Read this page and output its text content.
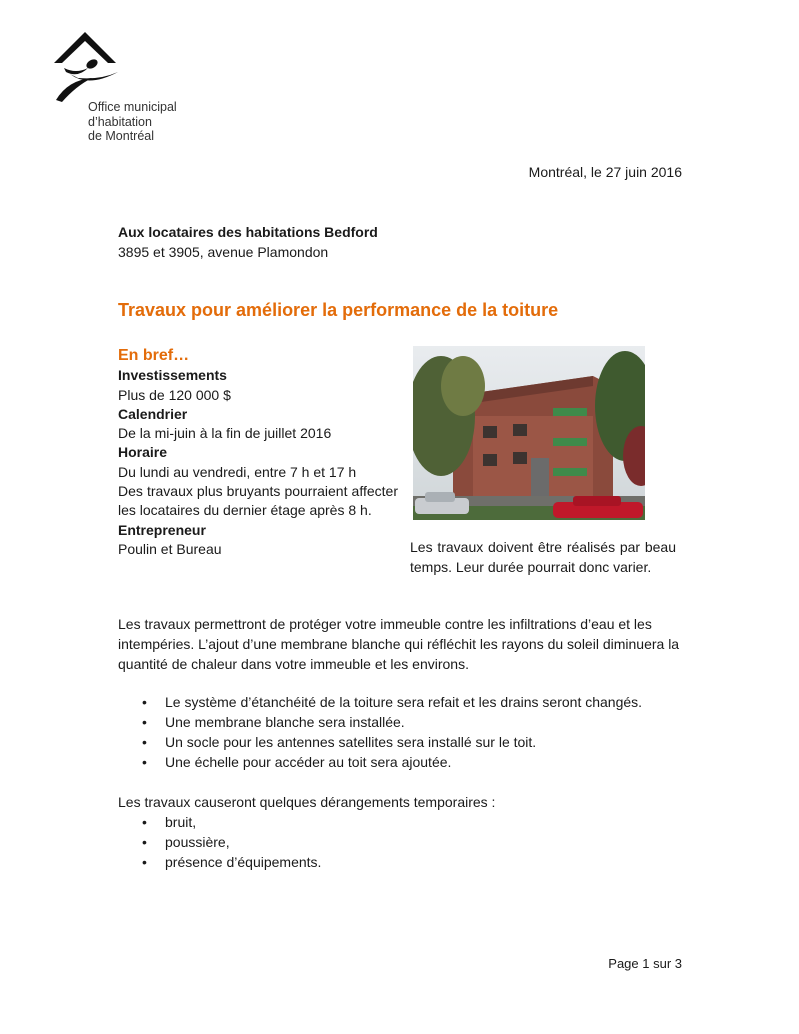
Office municipal
d’habitation
de Montréal
Montréal, le 27 juin 2016
Aux locataires des habitations Bedford
3895 et 3905, avenue Plamondon
Travaux pour améliorer la performance de la toiture
En bref…
Investissements
Plus de 120 000 $
Calendrier
De la mi-juin à la fin de juillet 2016
Horaire
Du lundi au vendredi, entre 7 h et 17 h
Des travaux plus bruyants pourraient affecter les locataires du dernier étage après 8 h.
Entrepreneur
Poulin et Bureau	Les travaux doivent être réalisés par beau temps. Leur durée pourrait donc varier.
Les travaux permettront de protéger votre immeuble contre les infiltrations d’eau et les intempéries. L’ajout d’une membrane blanche qui réfléchit les rayons du soleil diminuera la quantité de chaleur dans votre immeuble et les environs.
• Le système d’étanchéité de la toiture sera refait et les drains seront changés.
• Une membrane blanche sera installée.
• Un socle pour les antennes satellites sera installé sur le toit.
• Une échelle pour accéder au toit sera ajoutée.
Les travaux causeront quelques dérangements temporaires :
• bruit,
• poussière,
• présence d’équipements.
Page 1 sur 3
